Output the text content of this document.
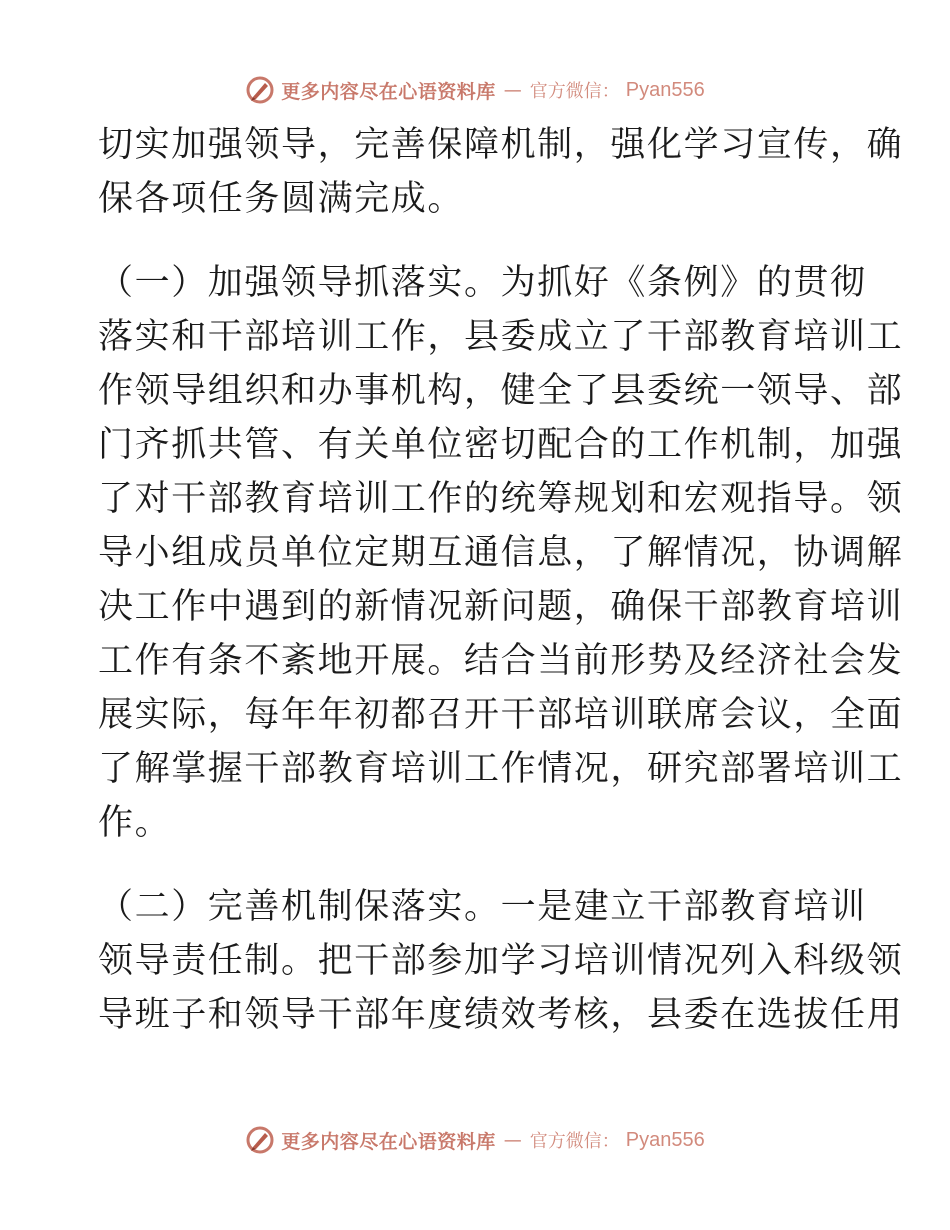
更多内容尽在心语资料库 — 官方微信： Pyan556
切实加强领导，完善保障机制，强化学习宣传，确
保各项任务圆满完成。
（一）加强领导抓落实。为抓好《条例》的贯彻
落实和干部培训工作，县委成立了干部教育培训工
作领导组织和办事机构，健全了县委统一领导、部
门齐抓共管、有关单位密切配合的工作机制，加强
了对干部教育培训工作的统筹规划和宏观指导。领
导小组成员单位定期互通信息，了解情况，协调解
决工作中遇到的新情况新问题，确保干部教育培训
工作有条不紊地开展。结合当前形势及经济社会发
展实际，每年年初都召开干部培训联席会议，全面
了解掌握干部教育培训工作情况，研究部署培训工
作。
（二）完善机制保落实。一是建立干部教育培训
领导责任制。把干部参加学习培训情况列入科级领
导班子和领导干部年度绩效考核，县委在选拔任用
更多内容尽在心语资料库 — 官方微信： Pyan556
